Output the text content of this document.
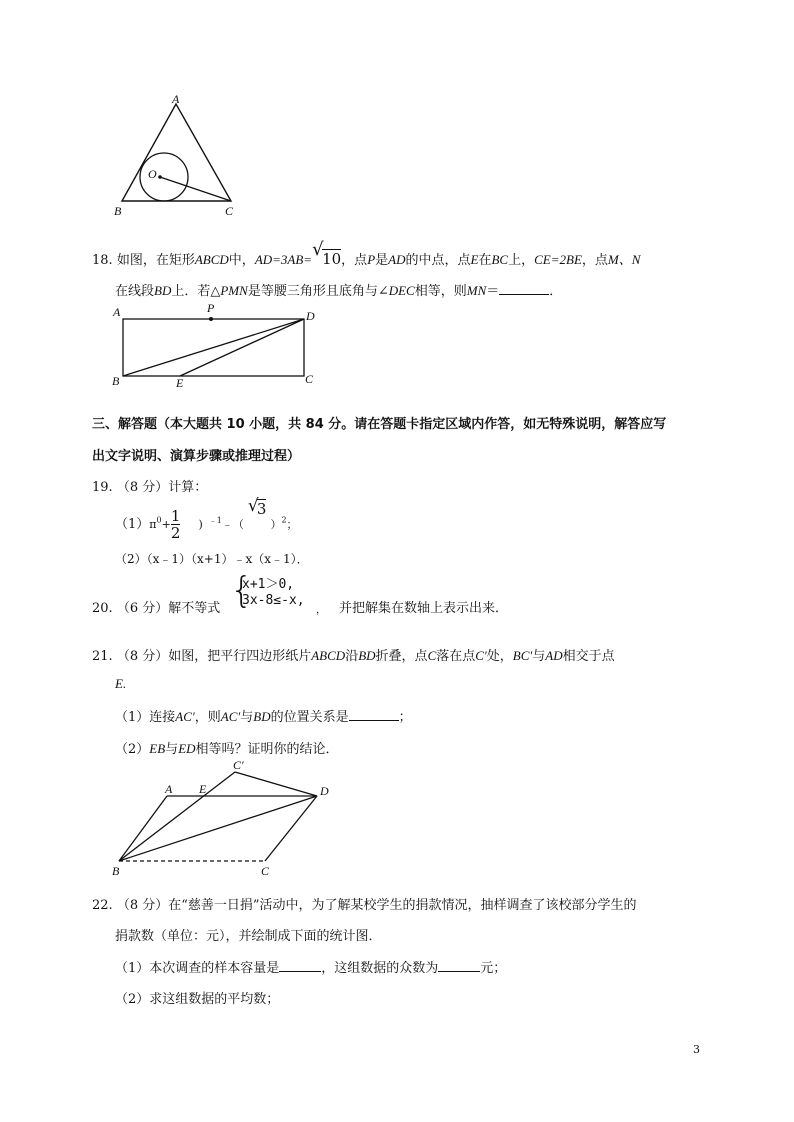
A
O
B	C
18. 如图，在矩形ABCD中，AD=3AB= √
10，点P是AD的中点，点E在BC上，CE=2BE，点M、N
在线段BD上．若△PMN是等腰三角形且底角与∠DEC相等，则MN＝	．
A	P
D
B	E	C
三、解答题（本大题共 10 小题，共 84 分。请在答题卡指定区域内作答，如无特殊说明，解答应写
出文字说明、演算步骤或推理过程）
19. （8 分）计算：
$(1)\pi^0+ \frac{1}{2}$ ) $^{﹣1}$﹣（
√
3）$^2$；
（2）（x﹣1）（x+1）﹣x（x﹣1）．
20. （6 分）解不等式 {
x+1＞0,
3x-8≤-x,
， 并把解集在数轴上表示出来．
21. （8 分）如图，把平行四边形纸片ABCD沿BD折叠，点C落在点C′处，BC′与AD相交于点
E.
（1）连接AC′，则AC′与BD的位置关系是	；
（2）EB与ED相等吗？证明你的结论．
C′
A E	D
B	C
22. （8 分）在“慈善一日捐”活动中，为了解某校学生的捐款情况，抽样调查了该校部分学生的
捐款数（单位：元），并绘制成下面的统计图．
（1）本次调查的样本容量是	，这组数据的众数为	元；
（2）求这组数据的平均数；
3
